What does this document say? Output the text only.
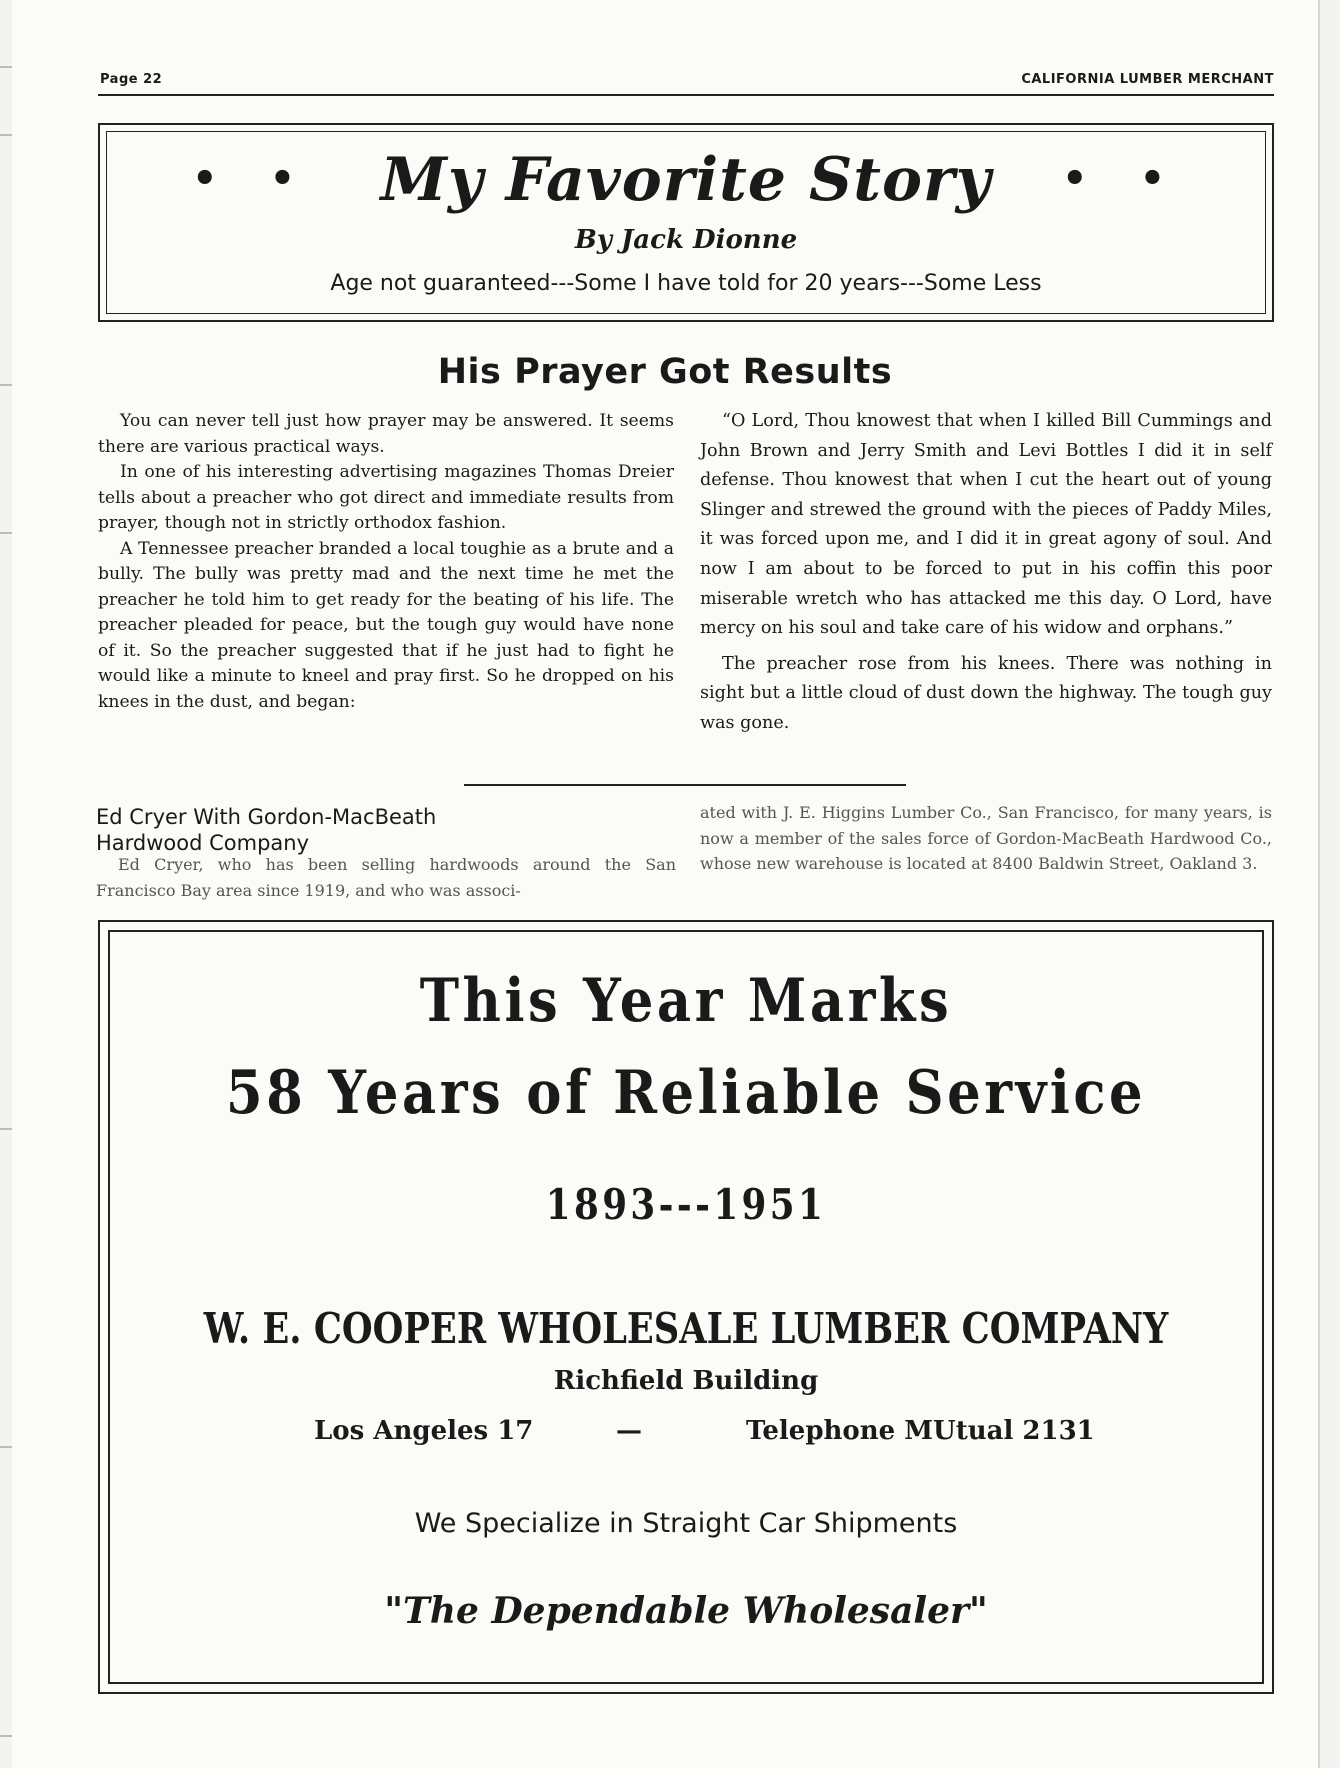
Page 22	CALIFORNIA LUMBER MERCHANT
••	••
My Favorite Story
By Jack Dionne
Age not guaranteed---Some I have told for 20 years---Some Less
His Prayer Got Results

You can never tell just how prayer may be answered. It seems there are various practical ways.

In one of his interesting advertising magazines Thomas Dreier tells about a preacher who got direct and immediate results from prayer, though not in strictly orthodox fashion.

A Tennessee preacher branded a local toughie as a brute and a bully. The bully was pretty mad and the next time he met the preacher he told him to get ready for the beating of his life. The preacher pleaded for peace, but the tough guy would have none of it. So the preacher suggested that if he just had to fight he would like a minute to kneel and pray first. So he dropped on his knees in the dust, and began:

“O Lord, Thou knowest that when I killed Bill Cummings and John Brown and Jerry Smith and Levi Bottles I did it in self defense. Thou knowest that when I cut the heart out of young Slinger and strewed the ground with the pieces of Paddy Miles, it was forced upon me, and I did it in great agony of soul. And now I am about to be forced to put in his coffin this poor miserable wretch who has attacked me this day. O Lord, have mercy on his soul and take care of his widow and orphans.”

The preacher rose from his knees. There was nothing in sight but a little cloud of dust down the highway. The tough guy was gone.

Ed Cryer With Gordon-MacBeath
Hardwood Company

Ed Cryer, who has been selling hardwoods around the San Francisco Bay area since 1919, and who was associ-

ated with J. E. Higgins Lumber Co., San Francisco, for many years, is now a member of the sales force of Gordon-MacBeath Hardwood Co., whose new warehouse is located at 8400 Baldwin Street, Oakland 3.

This Year Marks
58 Years of Reliable Service
1893---1951
W. E. COOPER WHOLESALE LUMBER COMPANY
Richfield Building
Los Angeles 17	—	Telephone MUtual 2131
We Specialize in Straight Car Shipments
"The Dependable Wholesaler"
